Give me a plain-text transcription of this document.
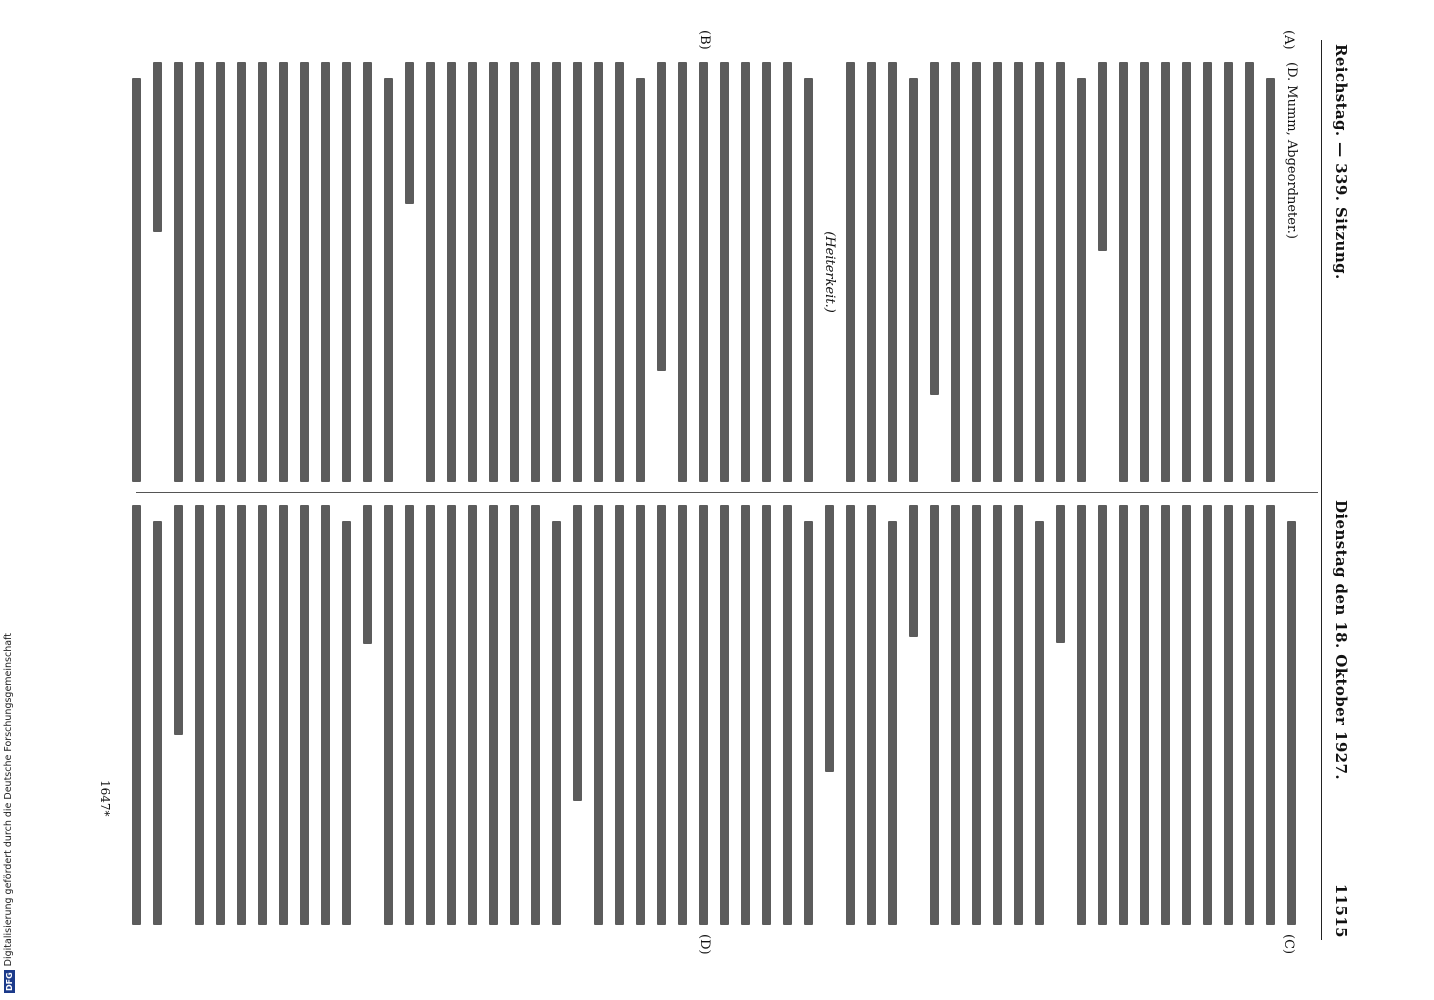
Reichstag. — 339. Sitzung.
Dienstag den 18. Oktober 1927.
11515
(A)
(B)
(C)
(D)
(D. Mumm, Abgeordneter.)
(Heiterkeit.)
1647*
DFG
Digitalisierung gefördert durch die Deutsche Forschungsgemeinschaft
